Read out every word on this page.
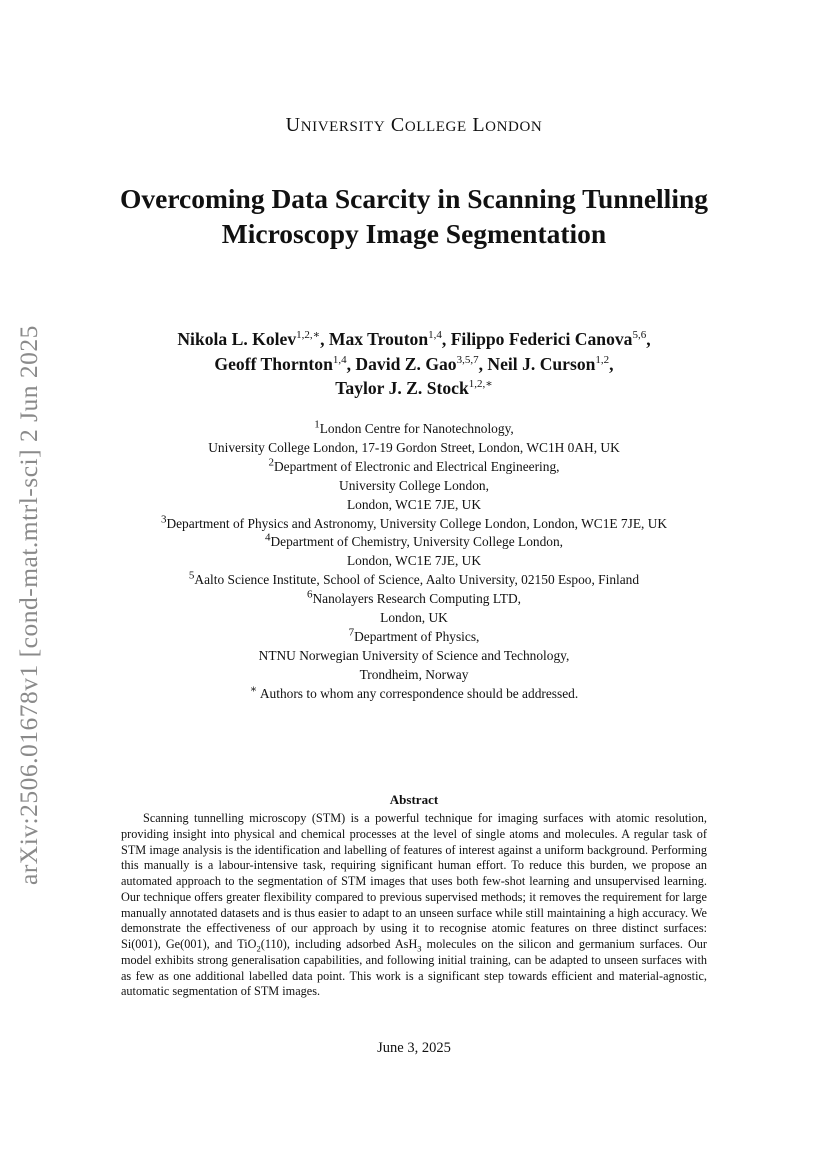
arXiv:2506.01678v1 [cond-mat.mtrl-sci] 2 Jun 2025
UNIVERSITY COLLEGE LONDON
Overcoming Data Scarcity in Scanning Tunnelling Microscopy Image Segmentation
Nikola L. Kolev$^{1,2,∗}$, Max Trouton$^{1,4}$, Filippo Federici Canova$^{5,6}$,
Geoff Thornton$^{1,4}$, David Z. Gao$^{3,5,7}$, Neil J. Curson$^{1,2}$,
Taylor J. Z. Stock$^{1,2,∗}$
$^1$London Centre for Nanotechnology,
University College London, 17-19 Gordon Street, London, WC1H 0AH, UK
$^2$Department of Electronic and Electrical Engineering,
University College London,
London, WC1E 7JE, UK
$^3$Department of Physics and Astronomy, University College London, London, WC1E 7JE, UK
$^4$Department of Chemistry, University College London,
London, WC1E 7JE, UK
$^5$Aalto Science Institute, School of Science, Aalto University, 02150 Espoo, Finland
$^6$Nanolayers Research Computing LTD,
London, UK
$^7$Department of Physics,
NTNU Norwegian University of Science and Technology,
Trondheim, Norway
∗ Authors to whom any correspondence should be addressed.
Abstract

Scanning tunnelling microscopy (STM) is a powerful technique for imaging surfaces with atomic resolution, providing insight into physical and chemical processes at the level of single atoms and molecules. A regular task of STM image analysis is the identification and labelling of features of interest against a uniform background. Performing this manually is a labour-intensive task, requiring significant human effort. To reduce this burden, we propose an automated approach to the segmentation of STM images that uses both few-shot learning and unsupervised learning. Our technique offers greater flexibility compared to previous supervised methods; it removes the requirement for large manually annotated datasets and is thus easier to adapt to an unseen surface while still maintaining a high accuracy. We demonstrate the effectiveness of our approach by using it to recognise atomic features on three distinct surfaces: Si(001), Ge(001), and TiO$_2$(110), including adsorbed AsH$_3$ molecules on the silicon and germanium surfaces. Our model exhibits strong generalisation capabilities, and following initial training, can be adapted to unseen surfaces with as few as one additional labelled data point. This work is a significant step towards efficient and material-agnostic, automatic segmentation of STM images.

June 3, 2025
